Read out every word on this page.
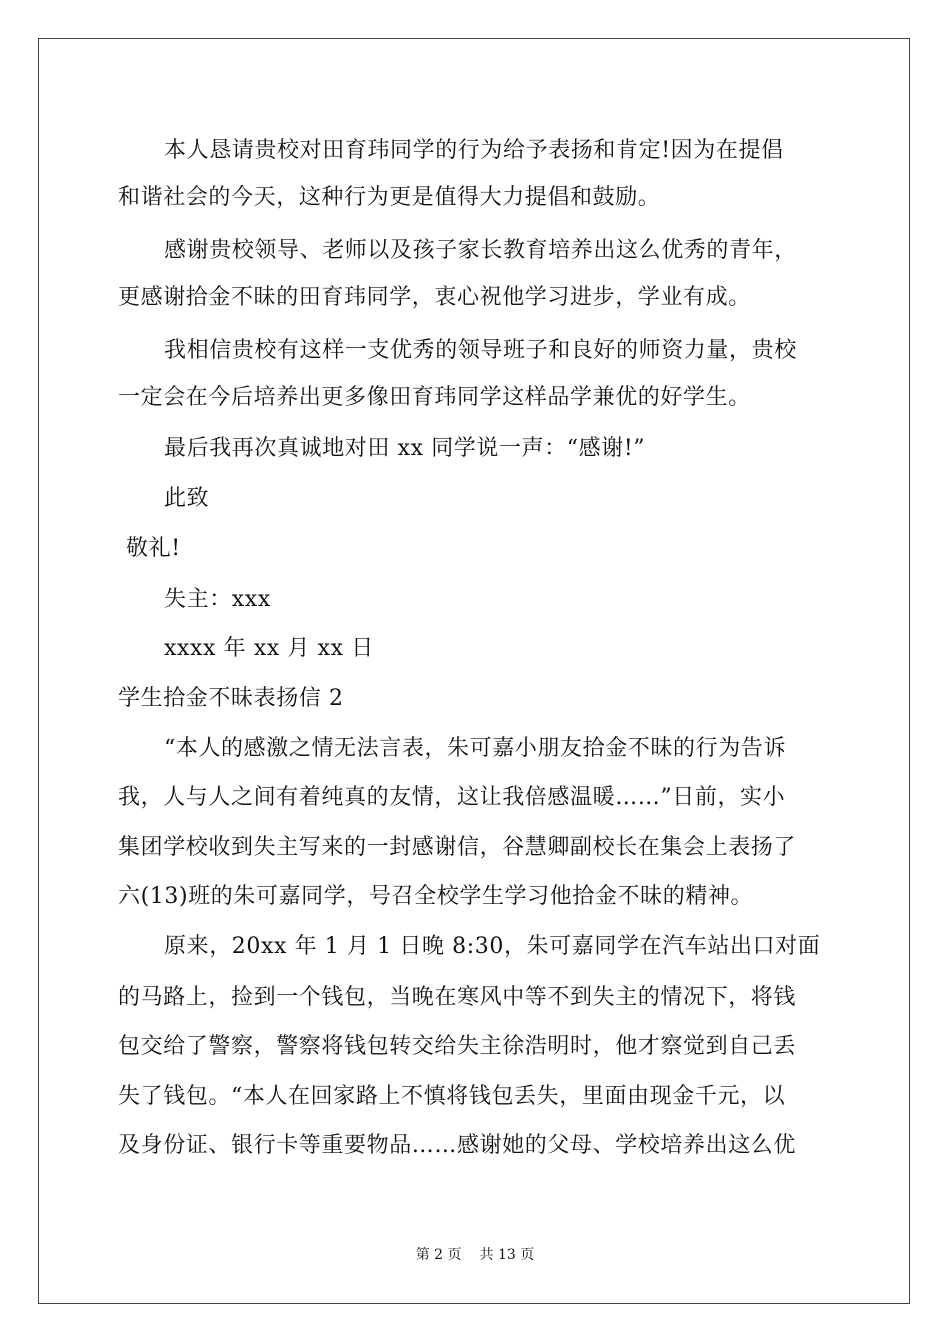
本人恳请贵校对田育玮同学的行为给予表扬和肯定!因为在提倡
和谐社会的今天，这种行为更是值得大力提倡和鼓励。
感谢贵校领导、老师以及孩子家长教育培养出这么优秀的青年，
更感谢拾金不昧的田育玮同学，衷心祝他学习进步，学业有成。
我相信贵校有这样一支优秀的领导班子和良好的师资力量，贵校
一定会在今后培养出更多像田育玮同学这样品学兼优的好学生。
最后我再次真诚地对田 xx 同学说一声：“感谢!”
此致
敬礼!
失主：xxx
xxxx 年 xx 月 xx 日
学生拾金不昧表扬信 2
“本人的感激之情无法言表，朱可嘉小朋友拾金不昧的行为告诉
我，人与人之间有着纯真的友情，这让我倍感温暖……”日前，实小
集团学校收到失主写来的一封感谢信，谷慧卿副校长在集会上表扬了
六(13)班的朱可嘉同学，号召全校学生学习他拾金不昧的精神。
原来，20xx 年 1 月 1 日晚 8:30，朱可嘉同学在汽车站出口对面
的马路上，捡到一个钱包，当晚在寒风中等不到失主的情况下，将钱
包交给了警察，警察将钱包转交给失主徐浩明时，他才察觉到自己丢
失了钱包。“本人在回家路上不慎将钱包丢失，里面由现金千元，以
及身份证、银行卡等重要物品……感谢她的父母、学校培养出这么优
第 2 页 共 13 页
